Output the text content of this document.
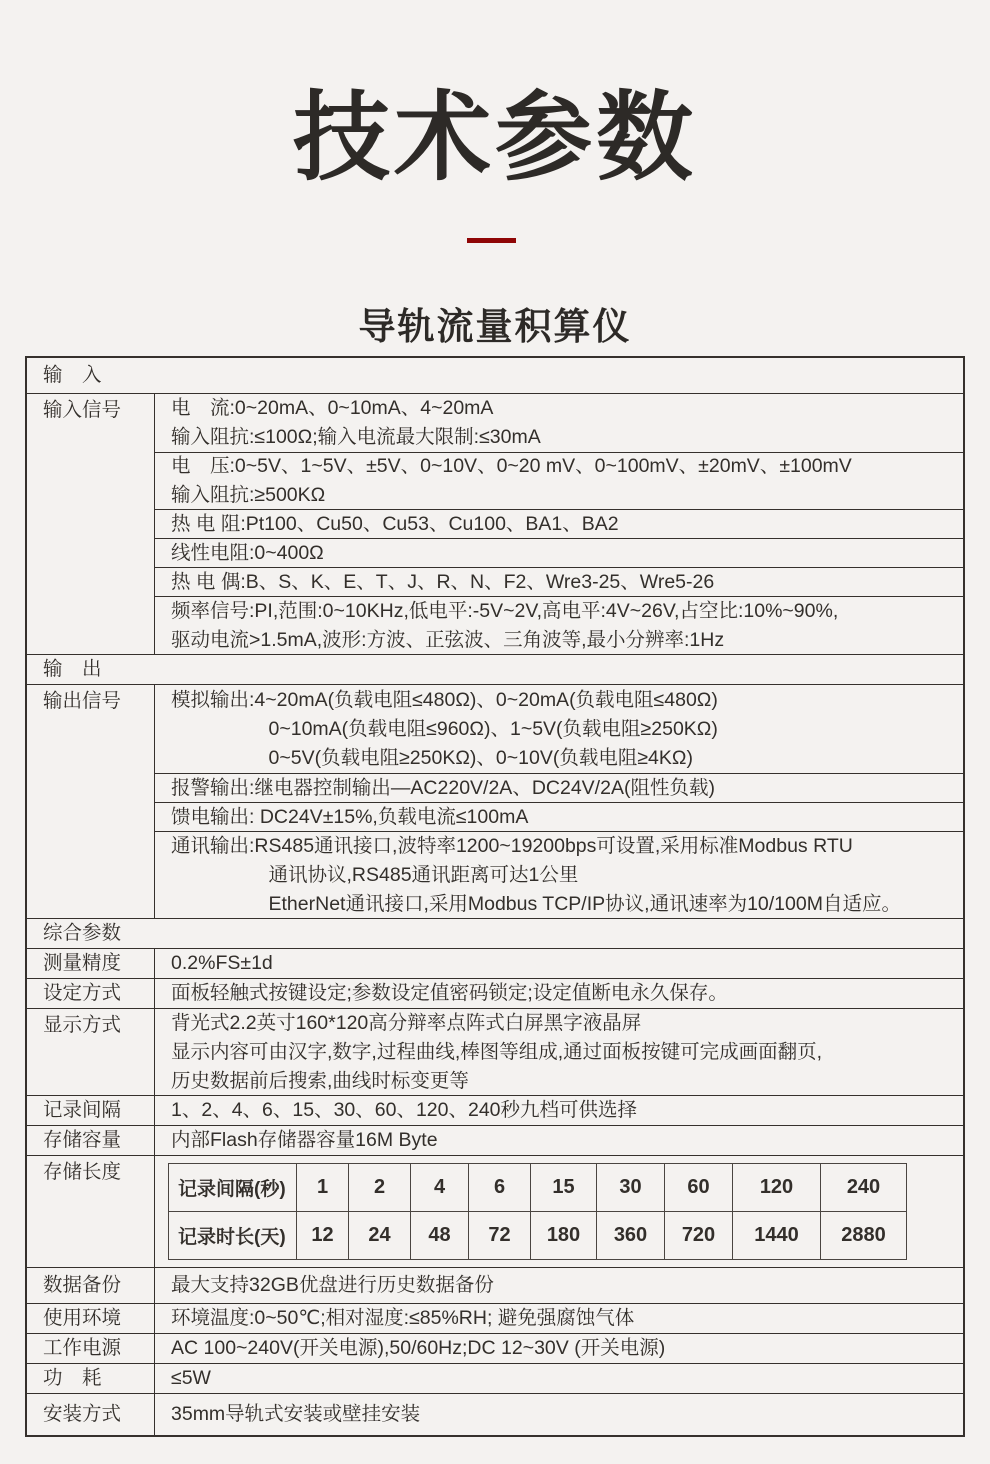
技术参数
导轨流量积算仪
输　入
输入信号	电　流:0~20mA、0~10mA、4~20mA
输入阻抗:≤100Ω;输入电流最大限制:≤30mA
电　压:0~5V、1~5V、±5V、0~10V、0~20 mV、0~100mV、±20mV、±100mV
输入阻抗:≥500KΩ
热 电 阻:Pt100、Cu50、Cu53、Cu100、BA1、BA2
线性电阻:0~400Ω
热 电 偶:B、S、K、E、T、J、R、N、F2、Wre3-25、Wre5-26
频率信号:PI,范围:0~10KHz,低电平:-5V~2V,高电平:4V~26V,占空比:10%~90%,
驱动电流>1.5mA,波形:方波、正弦波、三角波等,最小分辨率:1Hz
输　出
输出信号	模拟输出:4~20mA(负载电阻≤480Ω)、0~20mA(负载电阻≤480Ω)
　　　　　0~10mA(负载电阻≤960Ω)、1~5V(负载电阻≥250KΩ)
　　　　　0~5V(负载电阻≥250KΩ)、0~10V(负载电阻≥4KΩ)
报警输出:继电器控制输出—AC220V/2A、DC24V/2A(阻性负载)
馈电输出: DC24V±15%,负载电流≤100mA
通讯输出:RS485通讯接口,波特率1200~19200bps可设置,采用标准Modbus RTU
　　　　　通讯协议,RS485通讯距离可达1公里
　　　　　EtherNet通讯接口,采用Modbus TCP/IP协议,通讯速率为10/100M自适应。
综合参数
测量精度	0.2%FS±1d
设定方式	面板轻触式按键设定;参数设定值密码锁定;设定值断电永久保存。
显示方式	背光式2.2英寸160*120高分辩率点阵式白屏黑字液晶屏
显示内容可由汉字,数字,过程曲线,棒图等组成,通过面板按键可完成画面翻页,
历史数据前后搜索,曲线时标变更等
记录间隔	1、2、4、6、15、30、60、120、240秒九档可供选择
存储容量	内部Flash存储器容量16M Byte
存储长度
记录间隔(秒)	1	2	4	6	15	30	60	120	240
记录时长(天)	12	24	48	72	180	360	720	1440	2880
数据备份	最大支持32GB优盘进行历史数据备份
使用环境	环境温度:0~50℃;相对湿度:≤85%RH; 避免强腐蚀气体
工作电源	AC 100~240V(开关电源),50/60Hz;DC 12~30V (开关电源)
功　耗	≤5W
安装方式	35mm导轨式安装或壁挂安装
